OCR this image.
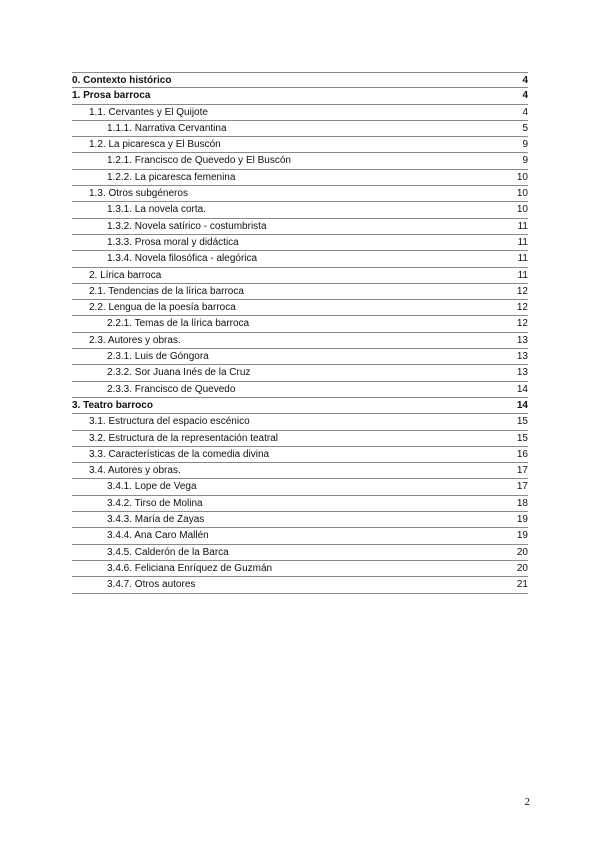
0. Contexto histórico	4
1. Prosa barroca	4
1.1. Cervantes y El Quijote	4
1.1.1. Narrativa Cervantina	5
1.2. La picaresca y El Buscón	9
1.2.1. Francisco de Quevedo y El Buscón	9
1.2.2. La picaresca femenina	10
1.3. Otros subgéneros	10
1.3.1. La novela corta.	10
1.3.2. Novela satírico - costumbrista	11
1.3.3. Prosa moral y didáctica	11
1.3.4. Novela filosófica - alegórica	11
2. Lírica barroca	11
2.1. Tendencias de la lírica barroca	12
2.2. Lengua de la poesía barroca	12
2.2.1. Temas de la lírica barroca	12
2.3. Autores y obras.	13
2.3.1. Luis de Góngora	13
2.3.2. Sor Juana Inés de la Cruz	13
2.3.3. Francisco de Quevedo	14
3. Teatro barroco	14
3.1. Estructura del espacio escénico	15
3.2. Estructura de la representación teatral	15
3.3. Características de la comedia divina	16
3.4. Autores y obras.	17
3.4.1. Lope de Vega	17
3.4.2. Tirso de Molina	18
3.4.3. María de Zayas	19
3.4.4. Ana Caro Mallén	19
3.4.5. Calderón de la Barca	20
3.4.6. Feliciana Enríquez de Guzmán	20
3.4.7. Otros autores	21
2
